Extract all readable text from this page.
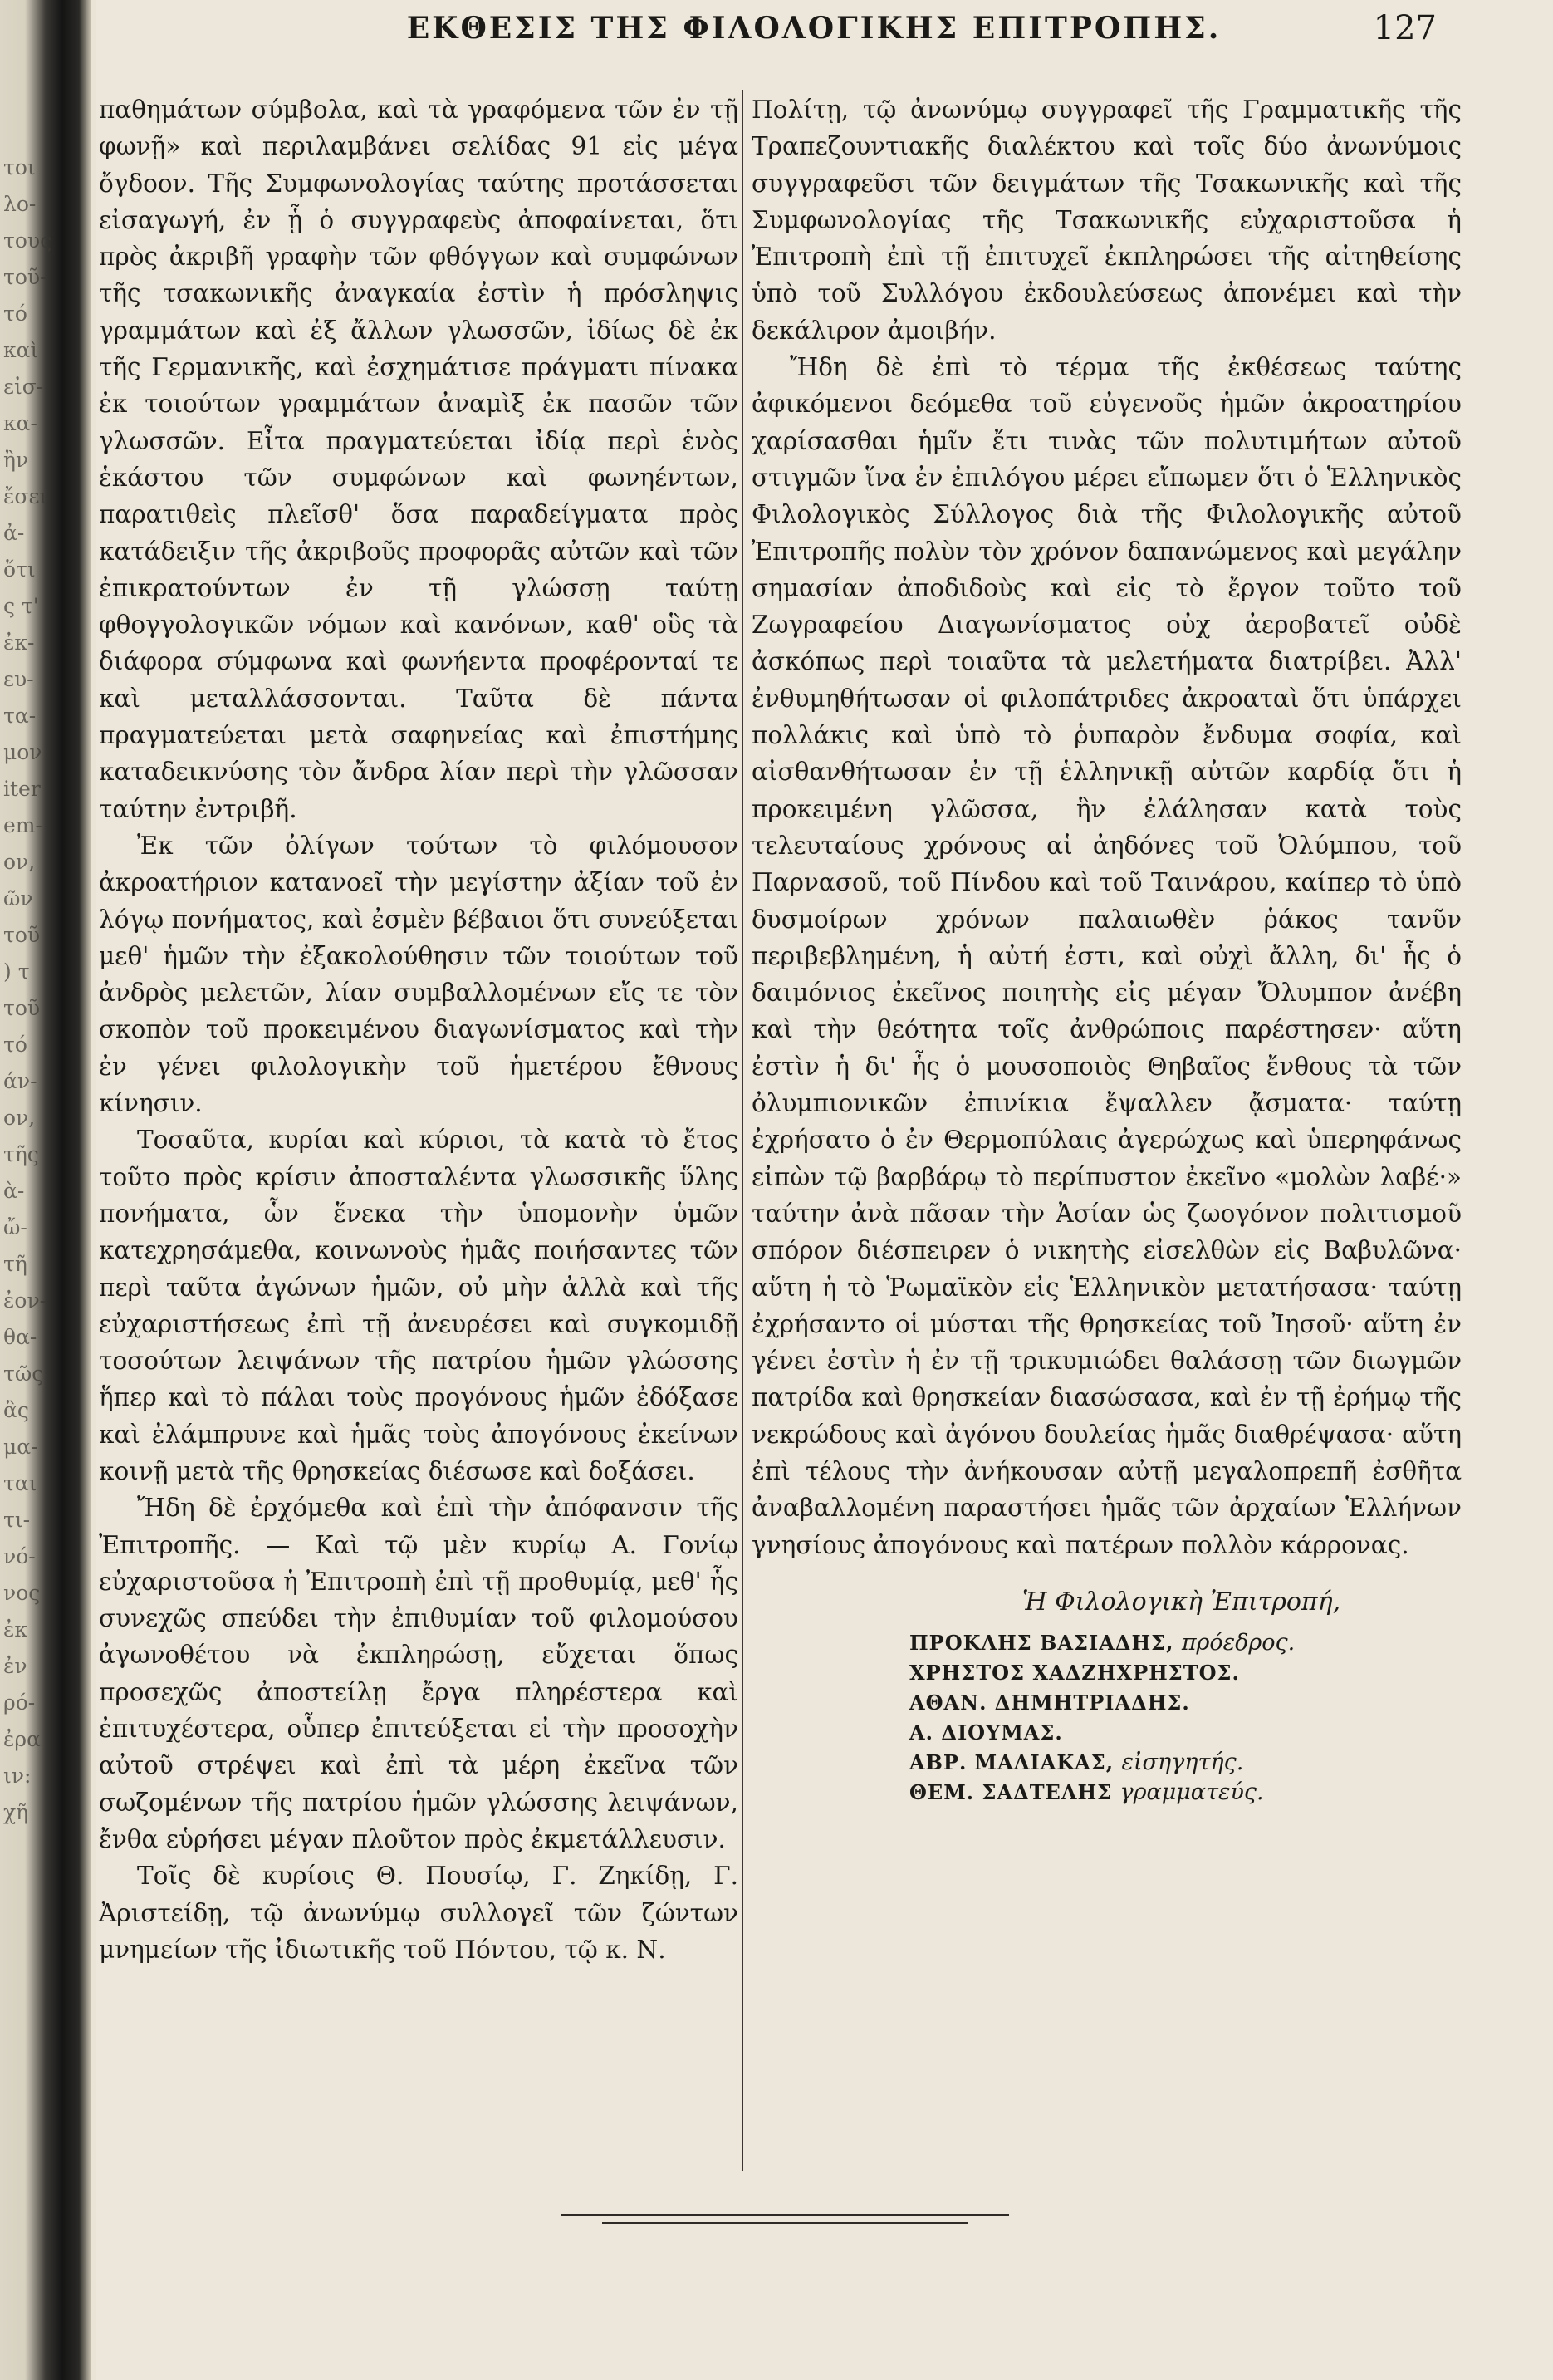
τοι
λο-
τους
τοῦ-
τό
καὶ
εἰσ-
κα-
ἢν
ἔσει
ἀ-
ὅτι
ς τ'
ἐκ-
ευ-
τα-
μον
iter
em-
ον,
ῶν
τοῦ
) τ
τοῦ
τό
άν-
ον,
τῆς
ὰ-
ὤ-
τῆ
ἐον-
θα-
τῶς
ἂς
μα-
ται
τι-
νό-
νος
ἐκ
ἐν
ρό-
ἐρα
ιν:
χῆ
ΕΚΘΕΣΙΣ ΤΗΣ ΦΙΛΟΛΟΓΙΚΗΣ ΕΠΙΤΡΟΠΗΣ.	127

παθημάτων σύμβολα, καὶ τὰ γραφόμενα τῶν ἐν τῇ φωνῇ» καὶ περιλαμβάνει σελίδας 91 εἰς μέγα ὄγδοον. Τῆς Συμφωνολογίας ταύτης προτάσσεται εἰσαγωγή, ἐν ᾗ ὁ συγγραφεὺς ἀποφαίνεται, ὅτι πρὸς ἀκριβῆ γραφὴν τῶν φθόγγων καὶ συμφώνων τῆς τσακωνικῆς ἀναγκαία ἐστὶν ἡ πρόσληψις γραμμάτων καὶ ἐξ ἄλλων γλωσσῶν, ἰδίως δὲ ἐκ τῆς Γερμανικῆς, καὶ ἐσχημάτισε πράγματι πίνακα ἐκ τοιούτων γραμμάτων ἀναμὶξ ἐκ πασῶν τῶν γλωσσῶν. Εἶτα πραγματεύεται ἰδίᾳ περὶ ἑνὸς ἑκάστου τῶν συμφώνων καὶ φωνηέντων, παρατιθεὶς πλεῖσθ' ὅσα παραδείγματα πρὸς κατάδειξιν τῆς ἀκριβοῦς προφορᾶς αὐτῶν καὶ τῶν ἐπικρατούντων ἐν τῇ γλώσσῃ ταύτῃ φθογγολογικῶν νόμων καὶ κανόνων, καθ' οὓς τὰ διάφορα σύμφωνα καὶ φωνήεντα προφέρονταί τε καὶ μεταλλάσσονται. Ταῦτα δὲ πάντα πραγματεύεται μετὰ σαφηνείας καὶ ἐπιστήμης καταδεικνύσης τὸν ἄνδρα λίαν περὶ τὴν γλῶσσαν ταύτην ἐντριβῆ.

Ἐκ τῶν ὀλίγων τούτων τὸ φιλόμουσον ἀκροατήριον κατανοεῖ τὴν μεγίστην ἀξίαν τοῦ ἐν λόγῳ πονήματος, καὶ ἐσμὲν βέβαιοι ὅτι συνεύξεται μεθ' ἡμῶν τὴν ἐξακολούθησιν τῶν τοιούτων τοῦ ἀνδρὸς μελετῶν, λίαν συμβαλλομένων εἴς τε τὸν σκοπὸν τοῦ προκειμένου διαγωνίσματος καὶ τὴν ἐν γένει φιλολογικὴν τοῦ ἡμετέρου ἔθνους κίνησιν.

Τοσαῦτα, κυρίαι καὶ κύριοι, τὰ κατὰ τὸ ἔτος τοῦτο πρὸς κρίσιν ἀποσταλέντα γλωσσικῆς ὕλης πονήματα, ὧν ἕνεκα τὴν ὑπομονὴν ὑμῶν κατεχρησάμεθα, κοινωνοὺς ἡμᾶς ποιήσαντες τῶν περὶ ταῦτα ἀγώνων ἡμῶν, οὐ μὴν ἀλλὰ καὶ τῆς εὐχαριστήσεως ἐπὶ τῇ ἀνευρέσει καὶ συγκομιδῇ τοσούτων λειψάνων τῆς πατρίου ἡμῶν γλώσσης ἥπερ καὶ τὸ πάλαι τοὺς προγόνους ἡμῶν ἐδόξασε καὶ ἐλάμπρυνε καὶ ἡμᾶς τοὺς ἀπογόνους ἐκείνων κοινῇ μετὰ τῆς θρησκείας διέσωσε καὶ δοξάσει.

Ἤδη δὲ ἐρχόμεθα καὶ ἐπὶ τὴν ἀπόφανσιν τῆς Ἐπιτροπῆς. — Καὶ τῷ μὲν κυρίῳ Α. Γονίῳ εὐχαριστοῦσα ἡ Ἐπιτροπὴ ἐπὶ τῇ προθυμίᾳ, μεθ' ἧς συνεχῶς σπεύδει τὴν ἐπιθυμίαν τοῦ φιλομούσου ἀγωνοθέτου νὰ ἐκπληρώσῃ, εὔχεται ὅπως προσεχῶς ἀποστείλῃ ἔργα πληρέστερα καὶ ἐπιτυχέστερα, οὗπερ ἐπιτεύξεται εἰ τὴν προσοχὴν αὐτοῦ στρέψει καὶ ἐπὶ τὰ μέρη ἐκεῖνα τῶν σωζομένων τῆς πατρίου ἡμῶν γλώσσης λειψάνων, ἔνθα εὑρήσει μέγαν πλοῦτον πρὸς ἐκμετάλλευσιν.

Τοῖς δὲ κυρίοις Θ. Πουσίῳ, Γ. Ζηκίδῃ, Γ. Ἀριστείδῃ, τῷ ἀνωνύμῳ συλλογεῖ τῶν ζώντων μνημείων τῆς ἰδιωτικῆς τοῦ Πόντου, τῷ κ. Ν.

Πολίτῃ, τῷ ἀνωνύμῳ συγγραφεῖ τῆς Γραμματικῆς τῆς Τραπεζουντιακῆς διαλέκτου καὶ τοῖς δύο ἀνωνύμοις συγγραφεῦσι τῶν δειγμάτων τῆς Τσακωνικῆς καὶ τῆς Συμφωνολογίας τῆς Τσακωνικῆς εὐχαριστοῦσα ἡ Ἐπιτροπὴ ἐπὶ τῇ ἐπιτυχεῖ ἐκπληρώσει τῆς αἰτηθείσης ὑπὸ τοῦ Συλλόγου ἐκδουλεύσεως ἀπονέμει καὶ τὴν δεκάλιρον ἀμοιβήν.

Ἤδη δὲ ἐπὶ τὸ τέρμα τῆς ἐκθέσεως ταύτης ἀφικόμενοι δεόμεθα τοῦ εὐγενοῦς ἡμῶν ἀκροατηρίου χαρίσασθαι ἡμῖν ἔτι τινὰς τῶν πολυτιμήτων αὐτοῦ στιγμῶν ἵνα ἐν ἐπιλόγου μέρει εἴπωμεν ὅτι ὁ Ἑλληνικὸς Φιλολογικὸς Σύλλογος διὰ τῆς Φιλολογικῆς αὐτοῦ Ἐπιτροπῆς πολὺν τὸν χρόνον δαπανώμενος καὶ μεγάλην σημασίαν ἀποδιδοὺς καὶ εἰς τὸ ἔργον τοῦτο τοῦ Ζωγραφείου Διαγωνίσματος οὐχ ἀεροβατεῖ οὐδὲ ἀσκόπως περὶ τοιαῦτα τὰ μελετήματα διατρίβει. Ἀλλ' ἐνθυμηθήτωσαν οἱ φιλοπάτριδες ἀκροαταὶ ὅτι ὑπάρχει πολλάκις καὶ ὑπὸ τὸ ῥυπαρὸν ἔνδυμα σοφία, καὶ αἰσθανθήτωσαν ἐν τῇ ἑλληνικῇ αὐτῶν καρδίᾳ ὅτι ἡ προκειμένη γλῶσσα, ἣν ἐλάλησαν κατὰ τοὺς τελευταίους χρόνους αἱ ἀηδόνες τοῦ Ὀλύμπου, τοῦ Παρνασοῦ, τοῦ Πίνδου καὶ τοῦ Ταινάρου, καίπερ τὸ ὑπὸ δυσμοίρων χρόνων παλαιωθὲν ῥάκος τανῦν περιβεβλημένη, ἡ αὐτή ἐστι, καὶ οὐχὶ ἄλλη, δι' ἧς ὁ δαιμόνιος ἐκεῖνος ποιητὴς εἰς μέγαν Ὄλυμπον ἀνέβη καὶ τὴν θεότητα τοῖς ἀνθρώποις παρέστησεν· αὕτη ἐστὶν ἡ δι' ἧς ὁ μουσοποιὸς Θηβαῖος ἔνθους τὰ τῶν ὀλυμπιονικῶν ἐπινίκια ἔψαλλεν ᾄσματα· ταύτῃ ἐχρήσατο ὁ ἐν Θερμοπύλαις ἀγερώχως καὶ ὑπερηφάνως εἰπὼν τῷ βαρβάρῳ τὸ περίπυστον ἐκεῖνο «μολὼν λαβέ·» ταύτην ἀνὰ πᾶσαν τὴν Ἀσίαν ὡς ζωογόνον πολιτισμοῦ σπόρον διέσπειρεν ὁ νικητὴς εἰσελθὼν εἰς Βαβυλῶνα· αὕτη ἡ τὸ Ῥωμαϊκὸν εἰς Ἑλληνικὸν μετατήσασα· ταύτῃ ἐχρήσαντο οἱ μύσται τῆς θρησκείας τοῦ Ἰησοῦ· αὕτη ἐν γένει ἐστὶν ἡ ἐν τῇ τρικυμιώδει θαλάσσῃ τῶν διωγμῶν πατρίδα καὶ θρησκείαν διασώσασα, καὶ ἐν τῇ ἐρήμῳ τῆς νεκρώδους καὶ ἀγόνου δουλείας ἡμᾶς διαθρέψασα· αὕτη ἐπὶ τέλους τὴν ἀνήκουσαν αὐτῇ μεγαλοπρεπῆ ἐσθῆτα ἀναβαλλομένη παραστήσει ἡμᾶς τῶν ἀρχαίων Ἑλλήνων γνησίους ἀπογόνους καὶ πατέρων πολλὸν κάρρονας.

Ἡ Φιλολογικὴ Ἐπιτροπή,
ΠΡΟΚΛΗΣ ΒΑΣΙΑΔΗΣ, πρόεδρος.
ΧΡΗΣΤΟΣ ΧΑΔΖΗΧΡΗΣΤΟΣ.
ΑΘΑΝ. ΔΗΜΗΤΡΙΑΔΗΣ.
Α. ΔΙΟΥΜΑΣ.
ΑΒΡ. ΜΑΛΙΑΚΑΣ, εἰσηγητής.
ΘΕΜ. ΣΑΔΤΕΛΗΣ γραμματεύς.
